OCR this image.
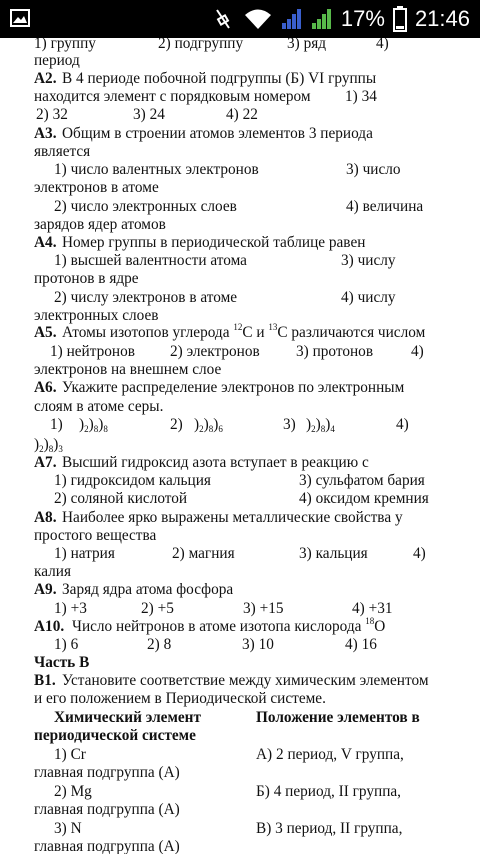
17% 21:46
1) группу	2) подгруппу	3) ряд	4)
период
А2. В 4 периоде побочной подгруппы (Б) VI группы
находится элемент с порядковым номером 1) 34
2) 32	3) 24	4) 22
А3. Общим в строении атомов элементов 3 периода
является
1) число валентных электронов	3) число
электронов в атоме
2) число электронных слоев	4) величина
зарядов ядер атомов
А4. Номер группы в периодической таблице равен
1) высшей валентности атома	3) числу
протонов в ядре
2) числу электронов в атоме	4) числу
электронных слоев
А5. Атомы изотопов углерода $^{12}$С и $^{13}$С различаются числом
1) нейтронов 2) электронов 3) протонов 4)
электронов на внешнем слое
А6. Укажите распределение электронов по электронным
слоям в атоме серы.
1) )$_2)_8)_8$	2) )$_2)_8)_6$	3) )$_2)_8)_4$	4)
)$_2)_8)_3$
А7. Высший гидроксид азота вступает в реакцию с
1) гидроксидом кальция	3) сульфатом бария
2) соляной кислотой	4) оксидом кремния
А8. Наиболее ярко выражены металлические свойства у
простого вещества
1) натрия	2) магния	3) кальция	4)
калия
А9. Заряд ядра атома фосфора
1) +3	2) +5	3) +15	4) +31
А10. Число нейтронов в атоме изотопа кислорода $^{18}$О
1) 6	2) 8	3) 10	4) 16
Часть В
В1. Установите соответствие между химическим элементом
и его положением в Периодической системе.
Химический элемент	Положение элементов в
периодической системе
1) Cr	А) 2 период, V группа,
главная подгруппа (А)
2) Mg	Б) 4 период, II группа,
главная подгруппа (А)
3) N	В) 3 период, II группа,
главная подгруппа (А)
